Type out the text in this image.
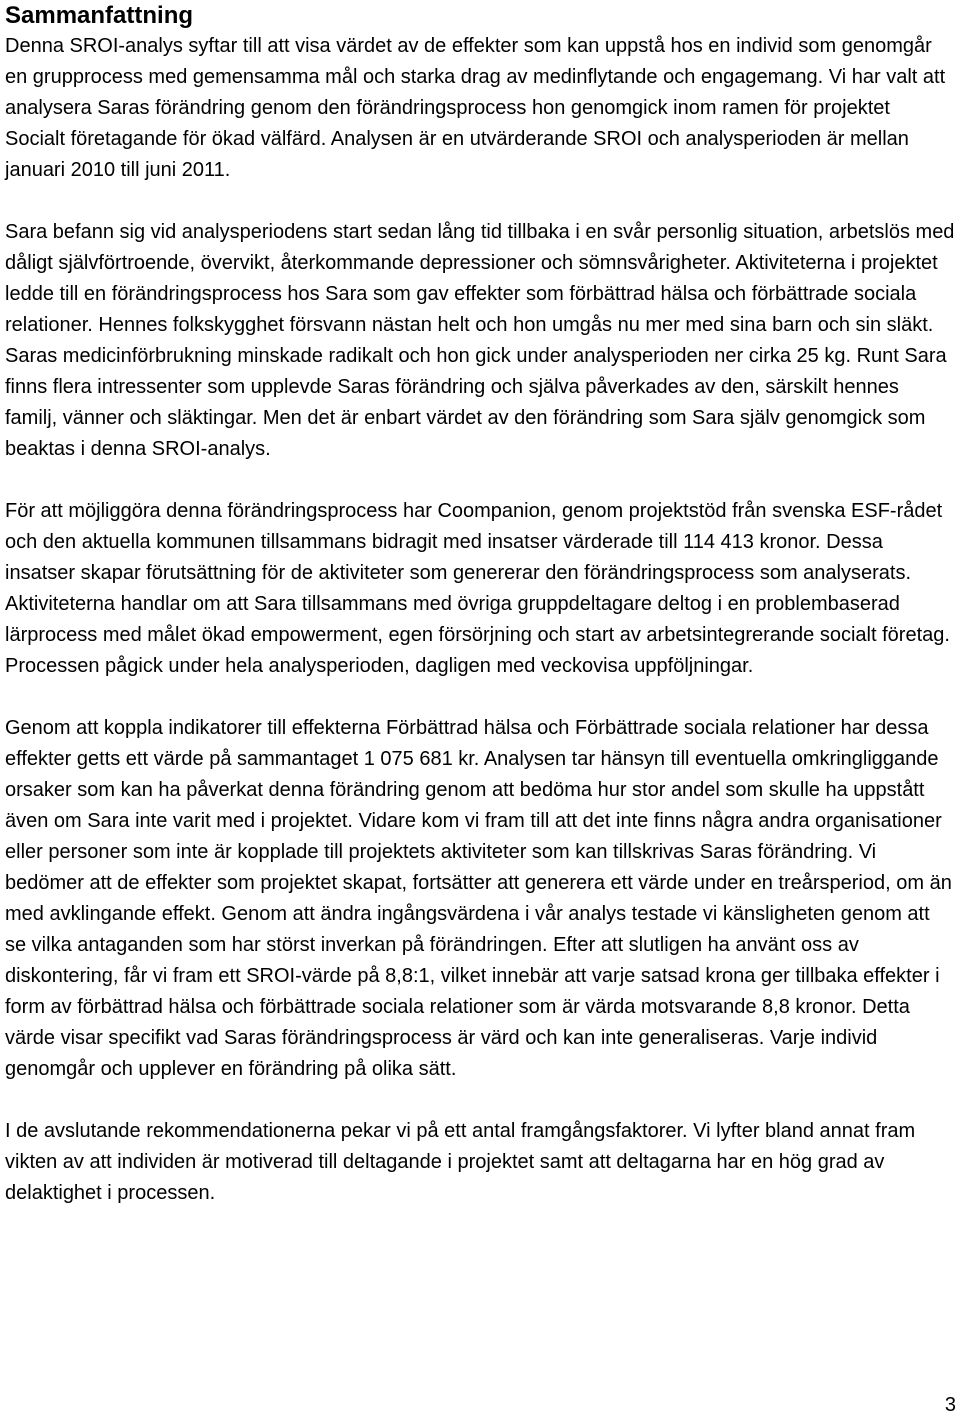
Sammanfattning

Denna SROI-analys syftar till att visa värdet av de effekter som kan uppstå hos en individ som genomgår en grupprocess med gemensamma mål och starka drag av medinflytande och engagemang. Vi har valt att analysera Saras förändring genom den förändringsprocess hon genomgick inom ramen för projektet Socialt företagande för ökad välfärd. Analysen är en utvärderande SROI och analysperioden är mellan januari 2010 till juni 2011.

Sara befann sig vid analysperiodens start sedan lång tid tillbaka i en svår personlig situation, arbetslös med dåligt självförtroende, övervikt, återkommande depressioner och sömnsvårigheter. Aktiviteterna i projektet ledde till en förändringsprocess hos Sara som gav effekter som förbättrad hälsa och förbättrade sociala relationer. Hennes folkskygghet försvann nästan helt och hon umgås nu mer med sina barn och sin släkt. Saras medicinförbrukning minskade radikalt och hon gick under analysperioden ner cirka 25 kg. Runt Sara finns flera intressenter som upplevde Saras förändring och själva påverkades av den, särskilt hennes familj, vänner och släktingar. Men det är enbart värdet av den förändring som Sara själv genomgick som beaktas i denna SROI-analys.

För att möjliggöra denna förändringsprocess har Coompanion, genom projektstöd från svenska ESF-rådet och den aktuella kommunen tillsammans bidragit med insatser värderade till 114 413 kronor. Dessa insatser skapar förutsättning för de aktiviteter som genererar den förändringsprocess som analyserats. Aktiviteterna handlar om att Sara tillsammans med övriga gruppdeltagare deltog i en problembaserad lärprocess med målet ökad empowerment, egen försörjning och start av arbetsintegrerande socialt företag. Processen pågick under hela analysperioden, dagligen med veckovisa uppföljningar.

Genom att koppla indikatorer till effekterna Förbättrad hälsa och Förbättrade sociala relationer har dessa effekter getts ett värde på sammantaget 1 075 681 kr. Analysen tar hänsyn till eventuella omkringliggande orsaker som kan ha påverkat denna förändring genom att bedöma hur stor andel som skulle ha uppstått även om Sara inte varit med i projektet. Vidare kom vi fram till att det inte finns några andra organisationer eller personer som inte är kopplade till projektets aktiviteter som kan tillskrivas Saras förändring. Vi bedömer att de effekter som projektet skapat, fortsätter att generera ett värde under en treårsperiod, om än med avklingande effekt. Genom att ändra ingångsvärdena i vår analys testade vi känsligheten genom att se vilka antaganden som har störst inverkan på förändringen. Efter att slutligen ha använt oss av diskontering, får vi fram ett SROI-värde på 8,8:1, vilket innebär att varje satsad krona ger tillbaka effekter i form av förbättrad hälsa och förbättrade sociala relationer som är värda motsvarande 8,8 kronor. Detta värde visar specifikt vad Saras förändringsprocess är värd och kan inte generaliseras. Varje individ genomgår och upplever en förändring på olika sätt.

I de avslutande rekommendationerna pekar vi på ett antal framgångsfaktorer. Vi lyfter bland annat fram vikten av att individen är motiverad till deltagande i projektet samt att deltagarna har en hög grad av delaktighet i processen.

3
